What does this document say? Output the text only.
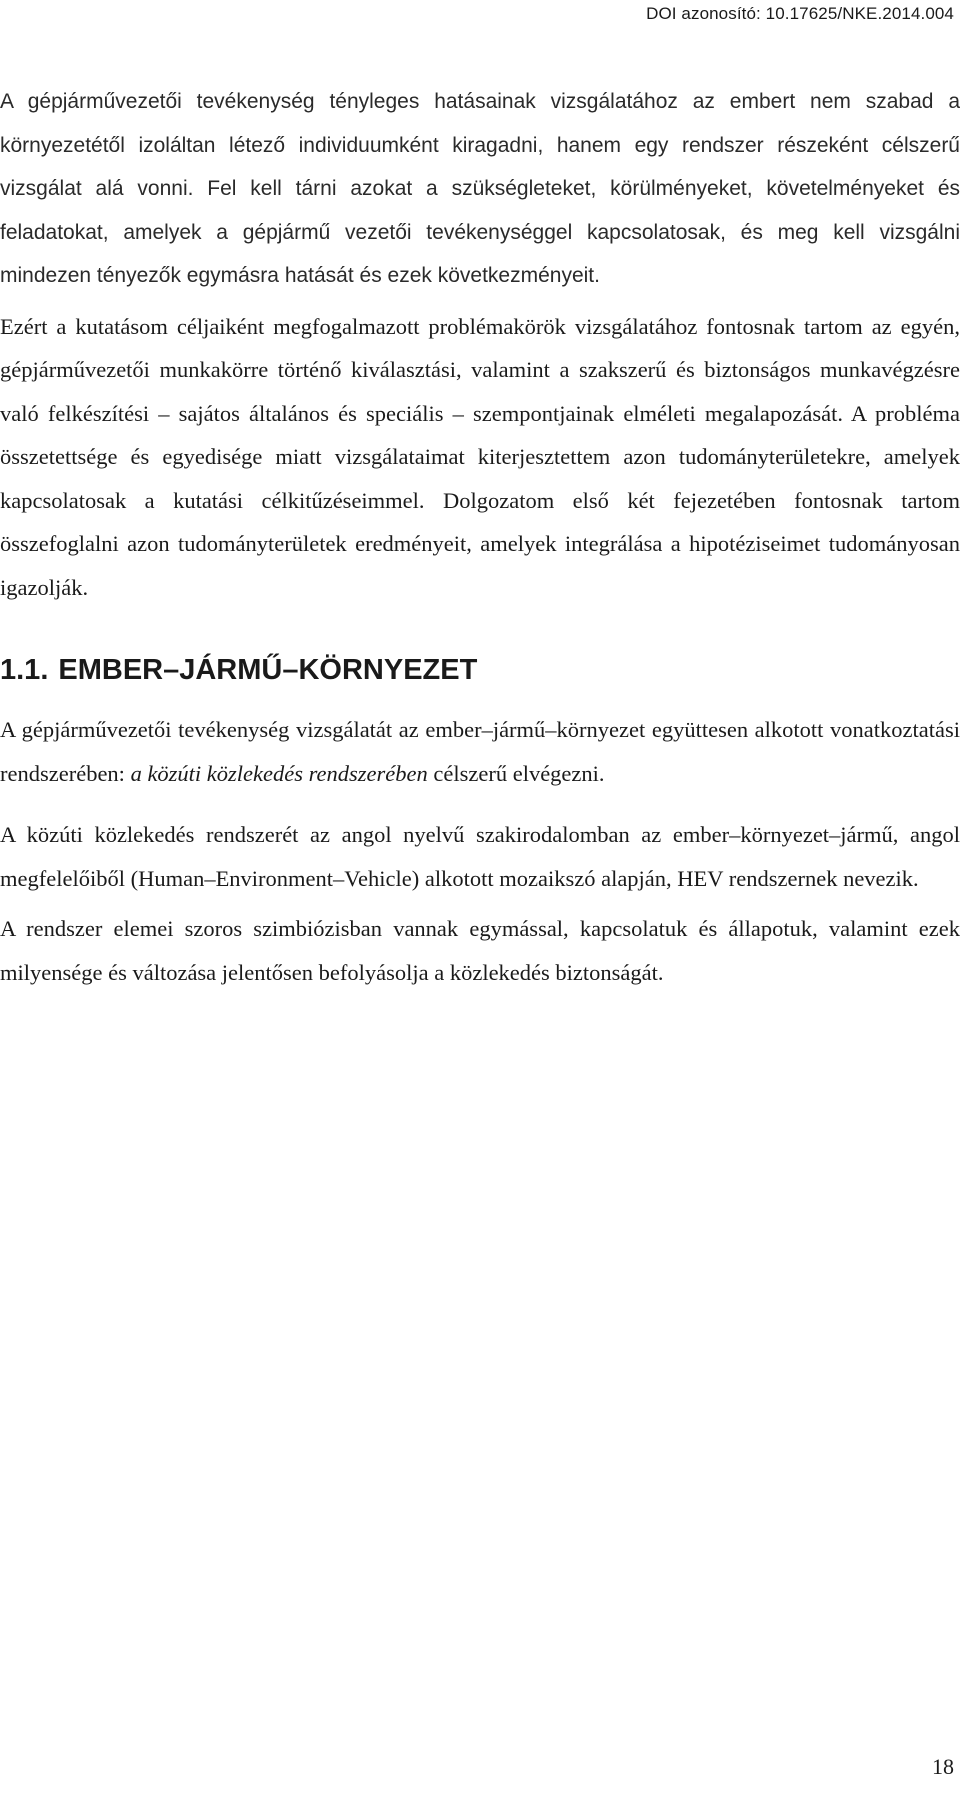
DOI azonosító: 10.17625/NKE.2014.004

A gépjárművezetői tevékenység tényleges hatásainak vizsgálatához az embert nem szabad a környezetétől izoláltan létező individuumként kiragadni, hanem egy rendszer részeként célszerű vizsgálat alá vonni. Fel kell tárni azokat a szükségleteket, körülményeket, követelményeket és feladatokat, amelyek a gépjármű vezetői tevékenységgel kapcsolatosak, és meg kell vizsgálni mindezen tényezők egymásra hatását és ezek következményeit.

Ezért a kutatásom céljaiként megfogalmazott problémakörök vizsgálatához fontosnak tartom az egyén, gépjárművezetői munkakörre történő kiválasztási, valamint a szakszerű és biztonságos munkavégzésre való felkészítési – sajátos általános és speciális – szempontjainak elméleti megalapozását. A probléma összetettsége és egyedisége miatt vizsgálataimat kiterjesztettem azon tudományterületekre, amelyek kapcsolatosak a kutatási célkitűzéseimmel. Dolgozatom első két fejezetében fontosnak tartom összefoglalni azon tudományterületek eredményeit, amelyek integrálása a hipotéziseimet tudományosan igazolják.

1.1. EMBER–JÁRMŰ–KÖRNYEZET

A gépjárművezetői tevékenység vizsgálatát az ember–jármű–környezet együttesen alkotott vonatkoztatási rendszerében: a közúti közlekedés rendszerében célszerű elvégezni.

A közúti közlekedés rendszerét az angol nyelvű szakirodalomban az ember–környezet–jármű, angol megfelelőiből (Human–Environment–Vehicle) alkotott mozaikszó alapján, HEV rendszernek nevezik.

A rendszer elemei szoros szimbiózisban vannak egymással, kapcsolatuk és állapotuk, valamint ezek milyensége és változása jelentősen befolyásolja a közlekedés biztonságát.

18
